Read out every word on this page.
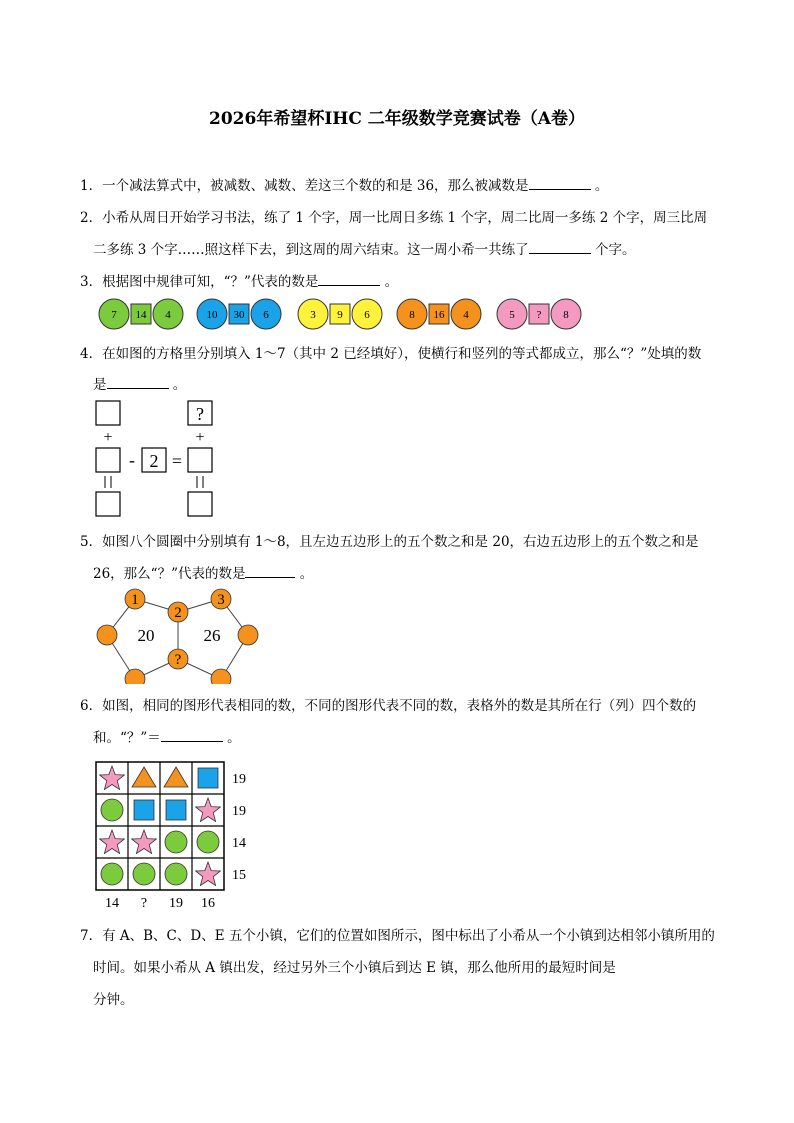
2026年希望杯IHC 二年级数学竞赛试卷（A卷）
1．一个减法算式中，被减数、减数、差这三个数的和是 36，那么被减数是	。
2．小希从周日开始学习书法，练了 1 个字，周一比周日多练 1 个字，周二比周一多练 2 个字，周三比周
二多练 3 个字……照这样下去，到这周的周六结束。这一周小希一共练了	个字。
3．根据图中规律可知，“？”代表的数是	。
7 14 4	10 30 6	3 9 6	8 16 4	5 ? 8
4．在如图的方格里分别填入 1～7（其中 2 已经填好），使横行和竖列的等式都成立，那么“？”处填的数
是	。
?
+	+
- 2 =
5．如图八个圆圈中分别填有 1～8，且左边五边形上的五个数之和是 20，右边五边形上的五个数之和是
26，那么“？”代表的数是	。
1
2
3
?
20	26
6．如图，相同的图形代表相同的数，不同的图形代表不同的数，表格外的数是其所在行（列）四个数的
和。“？”＝	。
19
19
14
15
14 ? 19 16
7．有 A、B、C、D、E 五个小镇，它们的位置如图所示，图中标出了小希从一个小镇到达相邻小镇所用的
时间。如果小希从 A 镇出发，经过另外三个小镇后到达 E 镇，那么他所用的最短时间是
分钟。
